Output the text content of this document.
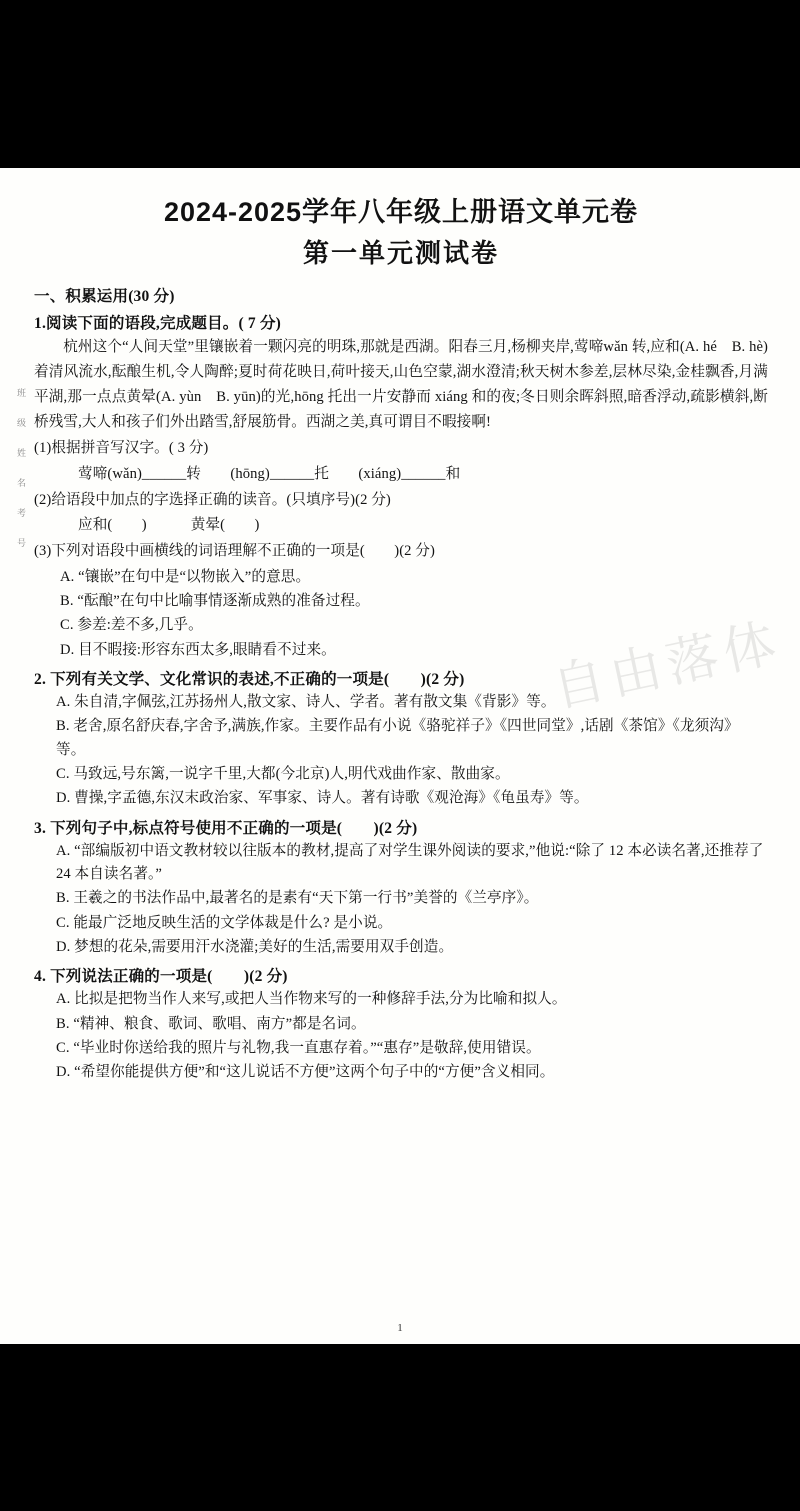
自由落体
班
级
姓
名
考
号
2024-2025学年八年级上册语文单元卷
第一单元测试卷
一、积累运用(30 分)
1.阅读下面的语段,完成题目。( 7 分)
杭州这个“人间天堂”里镶嵌着一颗闪亮的明珠,那就是西湖。阳春三月,杨柳夹岸,莺啼wǎn 转,应和(A. hé　B. hè)着清风流水,酝酿生机,令人陶醉;夏时荷花映日,荷叶接天,山色空蒙,湖水澄清;秋天树木参差,层林尽染,金桂飘香,月满平湖,那一点点黄晕(A. yùn　B. yūn)的光,hōng 托出一片安静而 xiáng 和的夜;冬日则余晖斜照,暗香浮动,疏影横斜,断桥残雪,大人和孩子们外出踏雪,舒展筋骨。西湖之美,真可谓目不暇接啊!
(1)根据拼音写汉字。( 3 分)
莺啼(wǎn)______转　　(hōng)______托　　(xiáng)______和
(2)给语段中加点的字选择正确的读音。(只填序号)(2 分)
应和(　　)　　　黄晕(　　)
(3)下列对语段中画横线的词语理解不正确的一项是(　　)(2 分)
A. “镶嵌”在句中是“以物嵌入”的意思。
B. “酝酿”在句中比喻事情逐渐成熟的准备过程。
C. 参差:差不多,几乎。
D. 目不暇接:形容东西太多,眼睛看不过来。
2. 下列有关文学、文化常识的表述,不正确的一项是(　　)(2 分)
A. 朱自清,字佩弦,江苏扬州人,散文家、诗人、学者。著有散文集《背影》等。
B. 老舍,原名舒庆春,字舍予,满族,作家。主要作品有小说《骆驼祥子》《四世同堂》,话剧《茶馆》《龙须沟》等。
C. 马致远,号东篱,一说字千里,大都(今北京)人,明代戏曲作家、散曲家。
D. 曹操,字孟德,东汉末政治家、军事家、诗人。著有诗歌《观沧海》《龟虽寿》等。
3. 下列句子中,标点符号使用不正确的一项是(　　)(2 分)
A. “部编版初中语文教材较以往版本的教材,提高了对学生课外阅读的要求,”他说:“除了 12 本必读名著,还推荐了 24 本自读名著。”
B. 王羲之的书法作品中,最著名的是素有“天下第一行书”美誉的《兰亭序》。
C. 能最广泛地反映生活的文学体裁是什么? 是小说。
D. 梦想的花朵,需要用汗水浇灌;美好的生活,需要用双手创造。
4. 下列说法正确的一项是(　　)(2 分)
A. 比拟是把物当作人来写,或把人当作物来写的一种修辞手法,分为比喻和拟人。
B. “精神、粮食、歌词、歌唱、南方”都是名词。
C. “毕业时你送给我的照片与礼物,我一直惠存着。”“惠存”是敬辞,使用错误。
D. “希望你能提供方便”和“这儿说话不方便”这两个句子中的“方便”含义相同。
1
